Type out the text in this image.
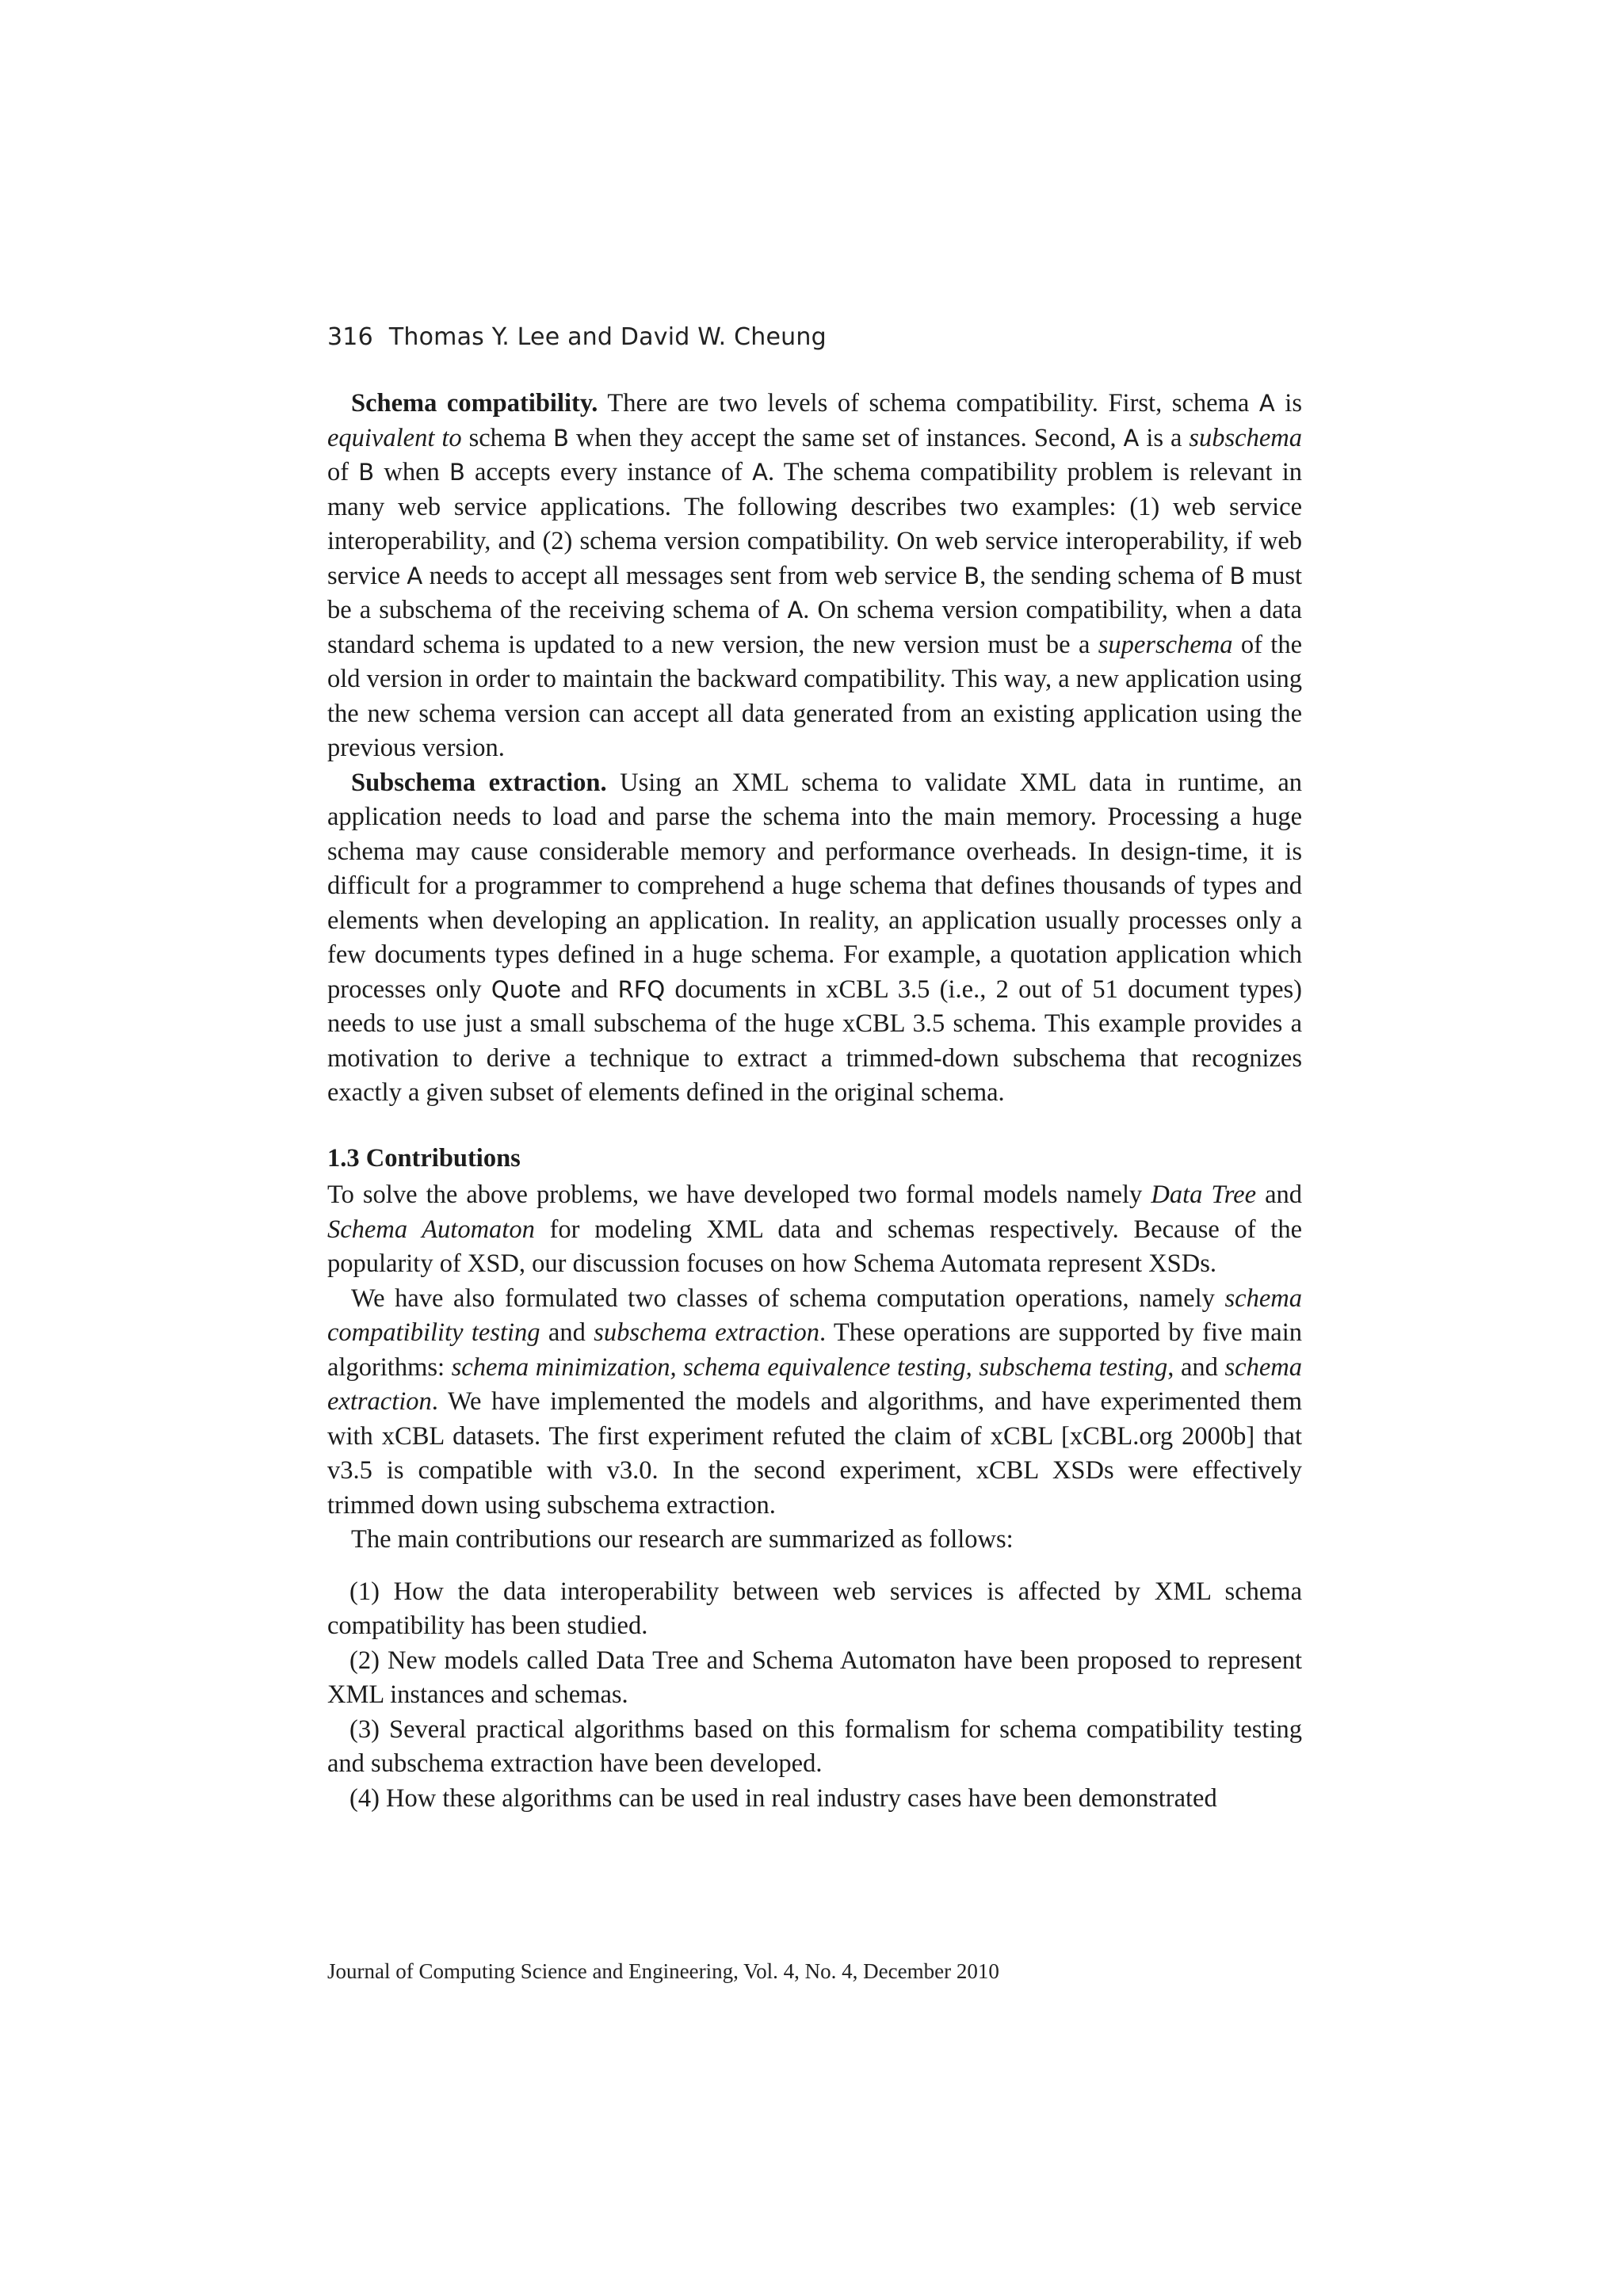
316 Thomas Y. Lee and David W. Cheung

Schema compatibility. There are two levels of schema compatibility. First, schema A is equivalent to schema B when they accept the same set of instances. Second, A is a subschema of B when B accepts every instance of A. The schema compatibility problem is relevant in many web service applications. The following describes two examples: (1) web service interoperability, and (2) schema version compatibility. On web service interoperability, if web service A needs to accept all messages sent from web service B, the sending schema of B must be a subschema of the receiving schema of A. On schema version compatibility, when a data standard schema is updated to a new version, the new version must be a superschema of the old version in order to maintain the backward compatibility. This way, a new application using the new schema version can accept all data generated from an existing application using the previous version.

Subschema extraction. Using an XML schema to validate XML data in runtime, an application needs to load and parse the schema into the main memory. Processing a huge schema may cause considerable memory and performance overheads. In design-time, it is difficult for a programmer to comprehend a huge schema that defines thousands of types and elements when developing an application. In reality, an application usually processes only a few documents types defined in a huge schema. For example, a quotation application which processes only Quote and RFQ documents in xCBL 3.5 (i.e., 2 out of 51 document types) needs to use just a small subschema of the huge xCBL 3.5 schema. This example provides a motivation to derive a technique to extract a trimmed-down subschema that recognizes exactly a given subset of elements defined in the original schema.

1.3 Contributions

To solve the above problems, we have developed two formal models namely Data Tree and Schema Automaton for modeling XML data and schemas respectively. Because of the popularity of XSD, our discussion focuses on how Schema Automata represent XSDs.

We have also formulated two classes of schema computation operations, namely schema compatibility testing and subschema extraction. These operations are supported by five main algorithms: schema minimization, schema equivalence testing, subschema testing, and schema extraction. We have implemented the models and algorithms, and have experimented them with xCBL datasets. The first experiment refuted the claim of xCBL [xCBL.org 2000b] that v3.5 is compatible with v3.0. In the second experiment, xCBL XSDs were effectively trimmed down using subschema extraction.

The main contributions our research are summarized as follows:

(1) How the data interoperability between web services is affected by XML schema compatibility has been studied.

(2) New models called Data Tree and Schema Automaton have been proposed to represent XML instances and schemas.

(3) Several practical algorithms based on this formalism for schema compatibility testing and subschema extraction have been developed.

(4) How these algorithms can be used in real industry cases have been demonstrated

Journal of Computing Science and Engineering, Vol. 4, No. 4, December 2010
